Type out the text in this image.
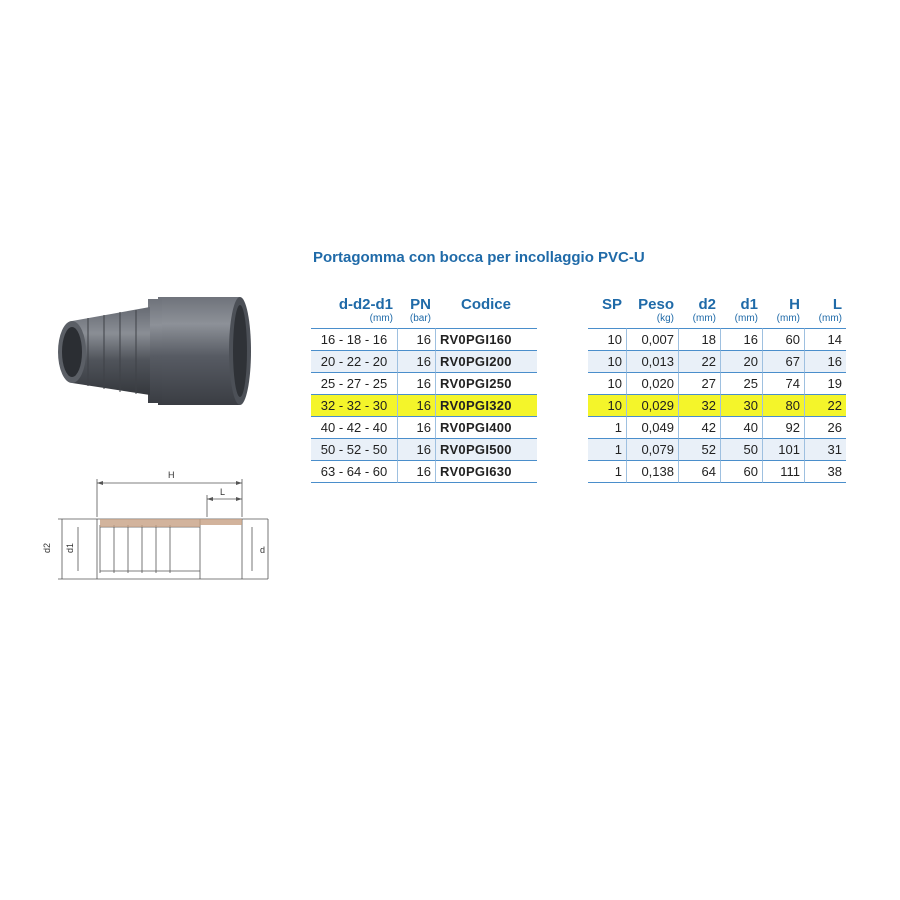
Portagomma con bocca per incollaggio PVC-U
H
L
d2 d1	d
d-d2-d1	PN	Codice
(mm)	(bar)	
16 - 18 - 16	16	RV0PGI160
20 - 22 - 20	16	RV0PGI200
25 - 27 - 25	16	RV0PGI250
32 - 32 - 30	16	RV0PGI320
40 - 42 - 40	16	RV0PGI400
50 - 52 - 50	16	RV0PGI500
63 - 64 - 60	16	RV0PGI630
SP	Peso	d2	d1	H	L
	(kg)	(mm)	(mm)	(mm)	(mm)
10	0,007	18	16	60	14
10	0,013	22	20	67	16
10	0,020	27	25	74	19
10	0,029	32	30	80	22
1	0,049	42	40	92	26
1	0,079	52	50	101	31
1	0,138	64	60	111	38
